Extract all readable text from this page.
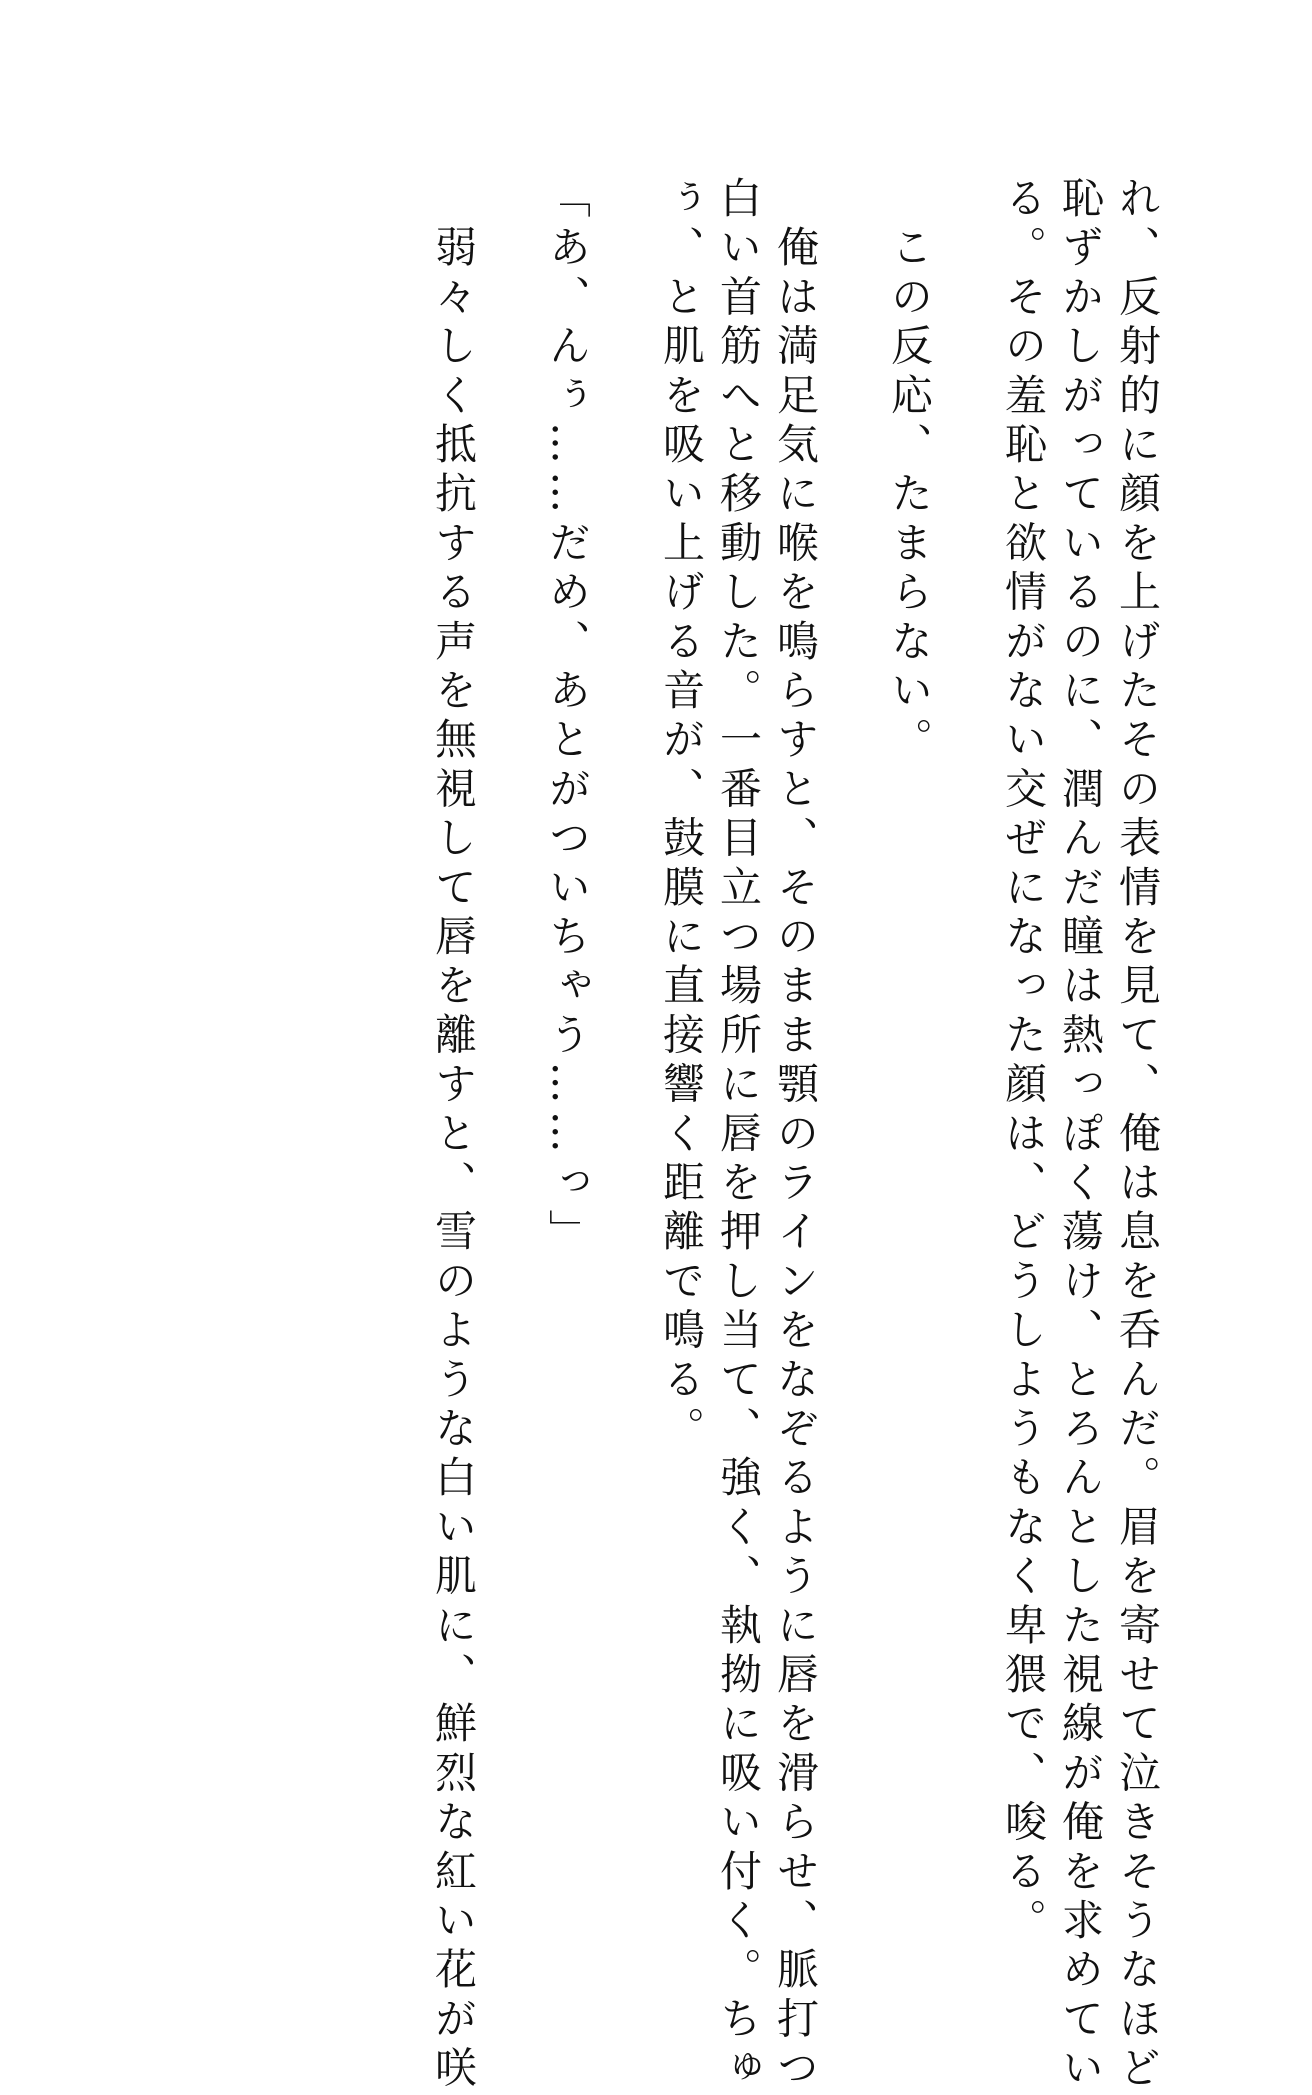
れ、反射的に顔を上げたその表情を見て、俺は息を呑んだ。眉を寄せて泣きそうなほど
恥ずかしがっているのに、潤んだ瞳は熱っぽく蕩け、とろんとした視線が俺を求めてい
る。その羞恥と欲情がない交ぜになった顔は、どうしようもなく卑猥で、唆る。
　この反応、たまらない。
　俺は満足気に喉を鳴らすと、そのまま顎のラインをなぞるように唇を滑らせ、脈打つ
白い首筋へと移動した。一番目立つ場所に唇を押し当て、強く、執拗に吸い付く。ちゅ
ぅ、と肌を吸い上げる音が、鼓膜に直接響く距離で鳴る。
「あ、んぅ……だめ、あとがついちゃう……っ」
　弱々しく抵抗する声を無視して唇を離すと、雪のような白い肌に、鮮烈な紅い花が咲
